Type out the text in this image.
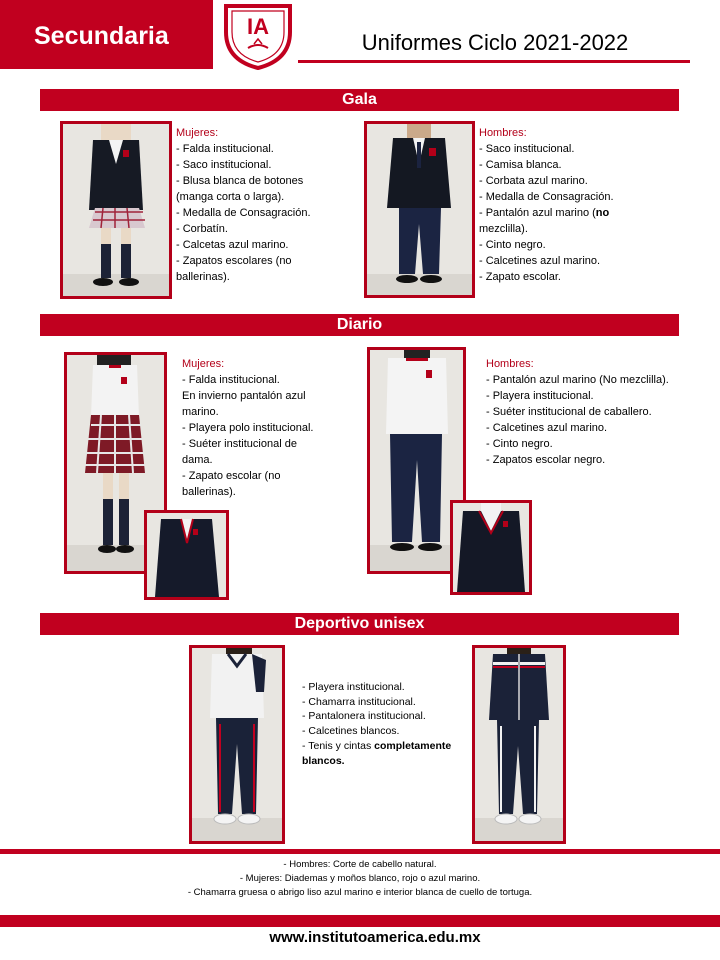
Secundaria	IA
Uniformes Ciclo 2021-2022
Gala
Diario
Deportivo unisex

Mujeres:

- Falda institucional.

- Saco institucional.

- Blusa blanca de botones

(manga corta o larga).

- Medalla de Consagración.

- Corbatín.

- Calcetas azul marino.

- Zapatos escolares (no

ballerinas).

Hombres:

- Saco institucional.

- Camisa blanca.

- Corbata azul marino.

- Medalla de Consagración.

- Pantalón azul marino (no

mezclilla).

- Cinto negro.

- Calcetines azul marino.

- Zapato escolar.

Mujeres:

- Falda institucional.

En invierno pantalón azul

marino.

- Playera polo institucional.

- Suéter institucional de

dama.

- Zapato escolar (no

ballerinas).

Hombres:

- Pantalón azul marino (No mezclilla).

- Playera institucional.

- Suéter institucional de caballero.

- Calcetines azul marino.

- Cinto negro.

- Zapatos escolar negro.

- Playera institucional.

- Chamarra institucional.

- Pantalonera institucional.

- Calcetines blancos.

- Tenis y cintas completamente

blancos.

- Hombres: Corte de cabello natural.
- Mujeres: Diademas y moños blanco, rojo o azul marino.
- Chamarra gruesa o abrigo liso azul marino e interior blanca de cuello de tortuga.
www.institutoamerica.edu.mx
